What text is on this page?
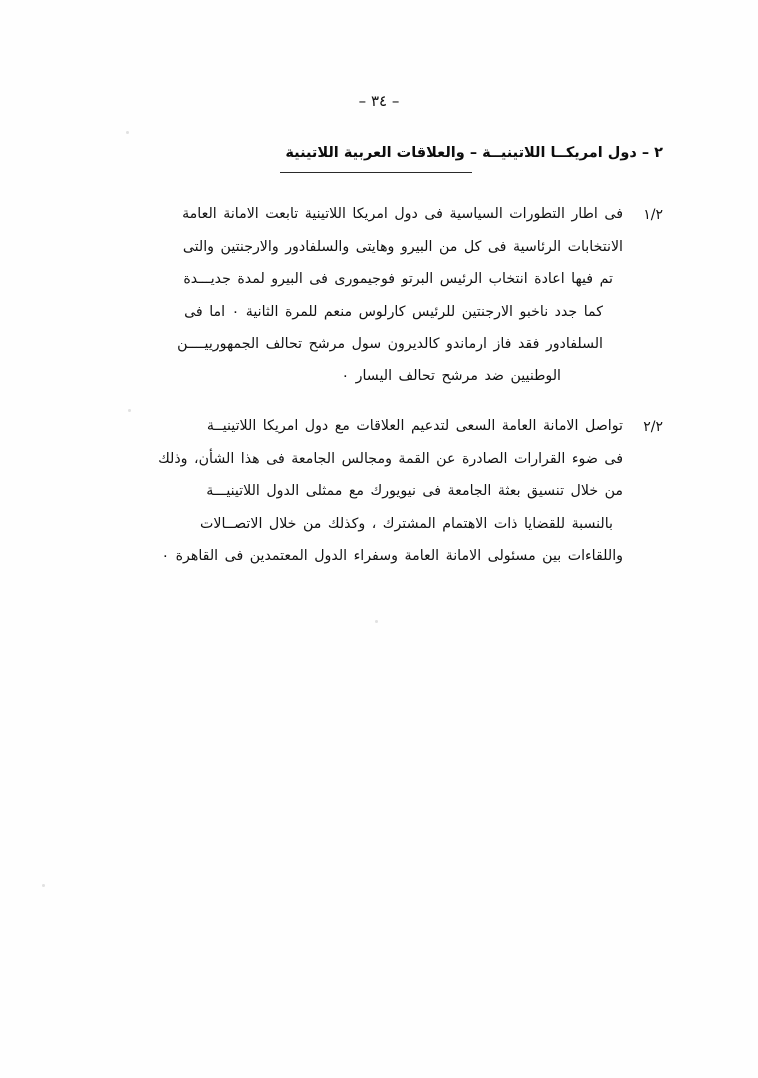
– ٣٤ –
٢ – دول امريكــا اللاتينيــة – والعلاقات العربية اللاتينية
١/٢
فى اطار التطورات السياسية فى دول امريكا اللاتينية تابعت الامانة العامة
الانتخابات الرئاسية فى كل من البيرو وهايتى والسلفادور والارجنتين والتى
تم فيها اعادة انتخاب الرئيس البرتو فوجيمورى فى البيرو لمدة جديـــدة
كما جدد ناخبو الارجنتين للرئيس كارلوس منعم للمرة الثانية ٠ اما فى
السلفادور فقد فاز ارماندو كالديرون سول مرشح تحالف الجمهورييــــن
الوطنيين ضد مرشح تحالف اليسار ٠
٢/٢
تواصل الامانة العامة السعى لتدعيم العلاقات مع دول امريكا اللاتينيــة
فى ضوء القرارات الصادرة عن القمة ومجالس الجامعة فى هذا الشأن، وذلك
من خلال تنسيق بعثة الجامعة فى نيويورك مع ممثلى الدول اللاتينيـــة
بالنسبة للقضايا ذات الاهتمام المشترك ، وكذلك من خلال الاتصــالات
واللقاءات بين مسئولى الامانة العامة وسفراء الدول المعتمدين فى القاهرة ٠
